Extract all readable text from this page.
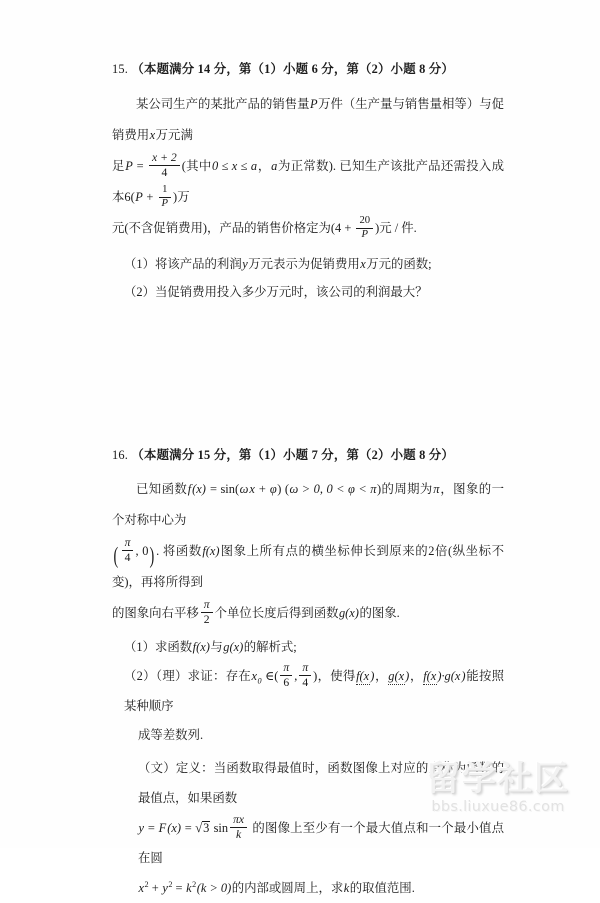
15. （本题满分 14 分，第（1）小题 6 分，第（2）小题 8 分）
某公司生产的某批产品的销售量P万件（生产量与销售量相等）与促销费用x万元满
足$P = \frac{x + 2}{4}$ (其中0 ≤ x ≤ a，a为正常数). 已知生产该批产品还需投入成本$6(P + \frac{1}{P}$ )万
元(不含促销费用)，产品的销售价格定为($4 + \frac{20}{P}$ )元 / 件.
（1）将该产品的利润y万元表示为促销费用x万元的函数;
（2）当促销费用投入多少万元时，该公司的利润最大？
16. （本题满分 15 分，第（1）小题 7 分，第（2）小题 8 分）
已知函数f(x) = sin(ωx + φ) (ω > 0, 0 < φ < π)的周期为π，图象的一个对称中心为
( $\frac{\pi}{4}$ , 0). 将函数f(x)图象上所有点的横坐标伸长到原来的2倍(纵坐标不变)，再将所得到
的图象向右平移 $\frac{\pi}{2}$ 个单位长度后得到函数g(x)的图象.
（1）求函数f(x)与g(x)的解析式;
（2）（理）求证：存在$x_0$ ∈( $\frac{\pi}{6}$ , $\frac{\pi}{4}$ )，使得f(x)，g(x)，f(x)·g(x)能按照某种顺序
成等差数列.
（文）定义：当函数取得最值时，函数图像上对应的点称为函数的最值点，如果函数
y = F(x) = √ 3 $\sin \frac{\pi x}{k}$ 的图像上至少有一个最大值点和一个最小值点在圆
$x^2 + y^2 = k^2(k > 0)$的内部或圆周上，求k的取值范围.
留学社区
bbs.liuxue86.com
